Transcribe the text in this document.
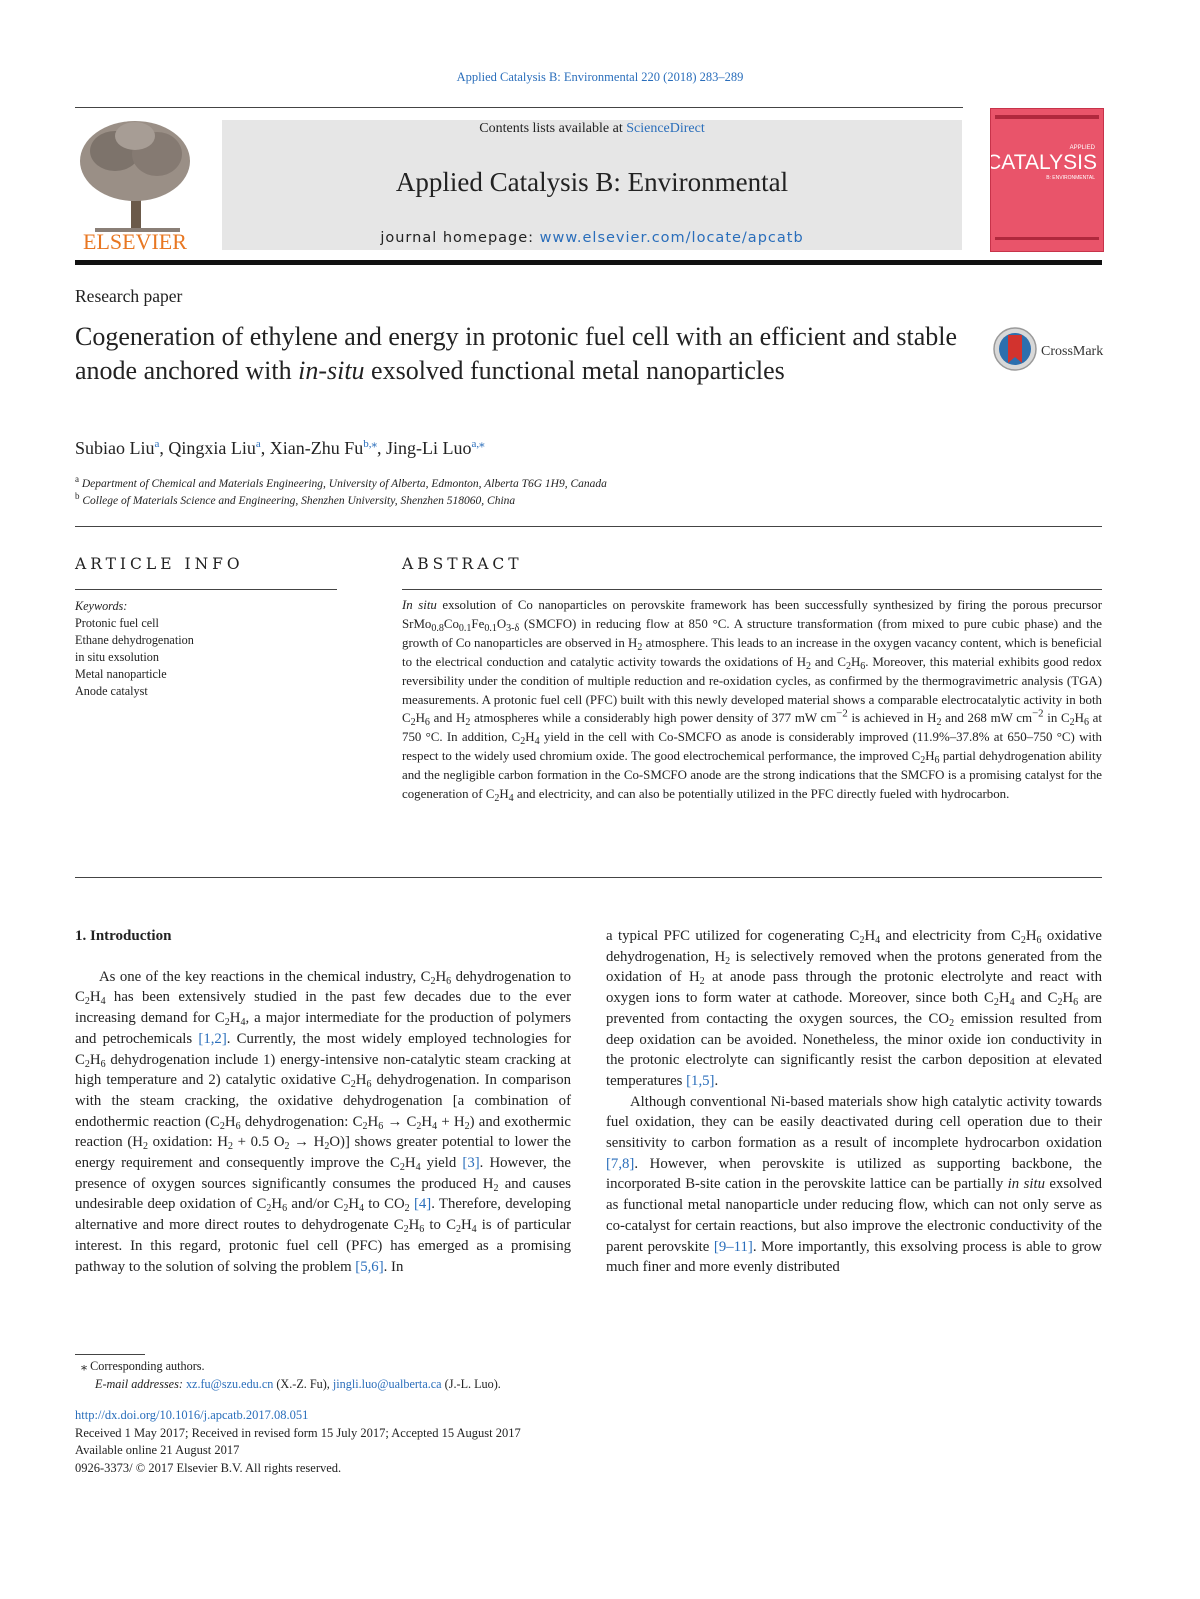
Applied Catalysis B: Environmental 220 (2018) 283–289
ELSEVIER
Contents lists available at ScienceDirect
Applied Catalysis B: Environmental
journal homepage: www.elsevier.com/locate/apcatb
APPLIED
CATALYSIS
B: ENVIRONMENTAL
Research paper
Cogeneration of ethylene and energy in protonic fuel cell with an efficient and stable anode anchored with in-situ exsolved functional metal nanoparticles
CrossMark
Subiao Liu$^a$, Qingxia Liu$^a$, Xian-Zhu $Fu^{b,⁎}$, Jing-Li Luo$^{a,⁎}$
$^a$ Department of Chemical and Materials Engineering, University of Alberta, Edmonton, Alberta T6G 1H9, Canada
$^b$ College of Materials Science and Engineering, Shenzhen University, Shenzhen 518060, China
ARTICLE INFO	ABSTRACT
Keywords:
Protonic fuel cell
Ethane dehydrogenation
in situ exsolution
Metal nanoparticle
Anode catalyst
In situ exsolution of Co nanoparticles on perovskite framework has been successfully synthesized by firing the porous precursor $SrMo_{0.8}Co_{0.1}Fe_{0.1}O_{3-\delta}$ (SMCFO) in reducing flow at 850 °C. A structure transformation (from mixed to pure cubic phase) and the growth of Co nanoparticles are observed in $H_2$ atmosphere. This leads to an increase in the oxygen vacancy content, which is beneficial to the electrical conduction and catalytic activity towards the oxidations of $H_2$ and $C_2H_6$. Moreover, this material exhibits good redox reversibility under the condition of multiple reduction and re-oxidation cycles, as confirmed by the thermogravimetric analysis (TGA) measurements. A protonic fuel cell (PFC) built with this newly developed material shows a comparable electrocatalytic activity in both $C_2H_6$ and $H_2$ atmospheres while a considerably high power density of 377 mW $cm^{-2}$ is achieved in $H_2$ and 268 mW $cm^{-2}$ in $C_2H_6$ at 750 °C. In addition, $C_2H_4$ yield in the cell with Co-SMCFO as anode is considerably improved (11.9%–37.8% at 650–750 °C) with respect to the widely used chromium oxide. The good electrochemical performance, the improved $C_2H_6$ partial dehydrogenation ability and the negligible carbon formation in the Co-SMCFO anode are the strong indications that the SMCFO is a promising catalyst for the cogeneration of $C_2H_4$ and electricity, and can also be potentially utilized in the PFC directly fueled with hydrocarbon.

1. Introduction

As one of the key reactions in the chemical industry, $C_2H_6$ dehydrogenation to $C_2H_4$ has been extensively studied in the past few decades due to the ever increasing demand for $C_2H_4$, a major intermediate for the production of polymers and petrochemicals [1,2]. Currently, the most widely employed technologies for $C_2H_6$ dehydrogenation include 1) energy-intensive non-catalytic steam cracking at high temperature and 2) catalytic oxidative $C_2H_6$ dehydrogenation. In comparison with the steam cracking, the oxidative dehydrogenation [a combination of endothermic reaction ($C_2H_6$ dehydrogenation: $C_2H_6 \to C_2H_4 + H_2$) and exothermic reaction ($H_2$ oxidation: $H_2 + 0.5$ $O_2 \to H_2O$)] shows greater potential to lower the energy requirement and consequently improve the $C_2H_4$ yield [3]. However, the presence of oxygen sources significantly consumes the produced $H_2$ and causes undesirable deep oxidation of $C_2H_6$ and/or $C_2H_4$ to $CO_2$ [4]. Therefore, developing alternative and more direct routes to dehydrogenate $C_2H_6$ to $C_2H_4$ is of particular interest. In this regard, protonic fuel cell (PFC) has emerged as a promising pathway to the solution of solving the problem [5,6]. In

a typical PFC utilized for cogenerating $C_2H_4$ and electricity from $C_2H_6$ oxidative dehydrogenation, $H_2$ is selectively removed when the protons generated from the oxidation of $H_2$ at anode pass through the protonic electrolyte and react with oxygen ions to form water at cathode. Moreover, since both $C_2H_4$ and $C_2H_6$ are prevented from contacting the oxygen sources, the $CO_2$ emission resulted from deep oxidation can be avoided. Nonetheless, the minor oxide ion conductivity in the protonic electrolyte can significantly resist the carbon deposition at elevated temperatures [1,5].

Although conventional Ni-based materials show high catalytic activity towards fuel oxidation, they can be easily deactivated during cell operation due to their sensitivity to carbon formation as a result of incomplete hydrocarbon oxidation [7,8]. However, when perovskite is utilized as supporting backbone, the incorporated B-site cation in the perovskite lattice can be partially in situ exsolved as functional metal nanoparticle under reducing flow, which can not only serve as co-catalyst for certain reactions, but also improve the electronic conductivity of the parent perovskite [9–11]. More importantly, this exsolving process is able to grow much finer and more evenly distributed

⁎ Corresponding authors.
E-mail addresses: xz.fu@szu.edu.cn (X.-Z. Fu), jingli.luo@ualberta.ca (J.-L. Luo).
http://dx.doi.org/10.1016/j.apcatb.2017.08.051
Received 1 May 2017; Received in revised form 15 July 2017; Accepted 15 August 2017
Available online 21 August 2017
0926-3373/ © 2017 Elsevier B.V. All rights reserved.
